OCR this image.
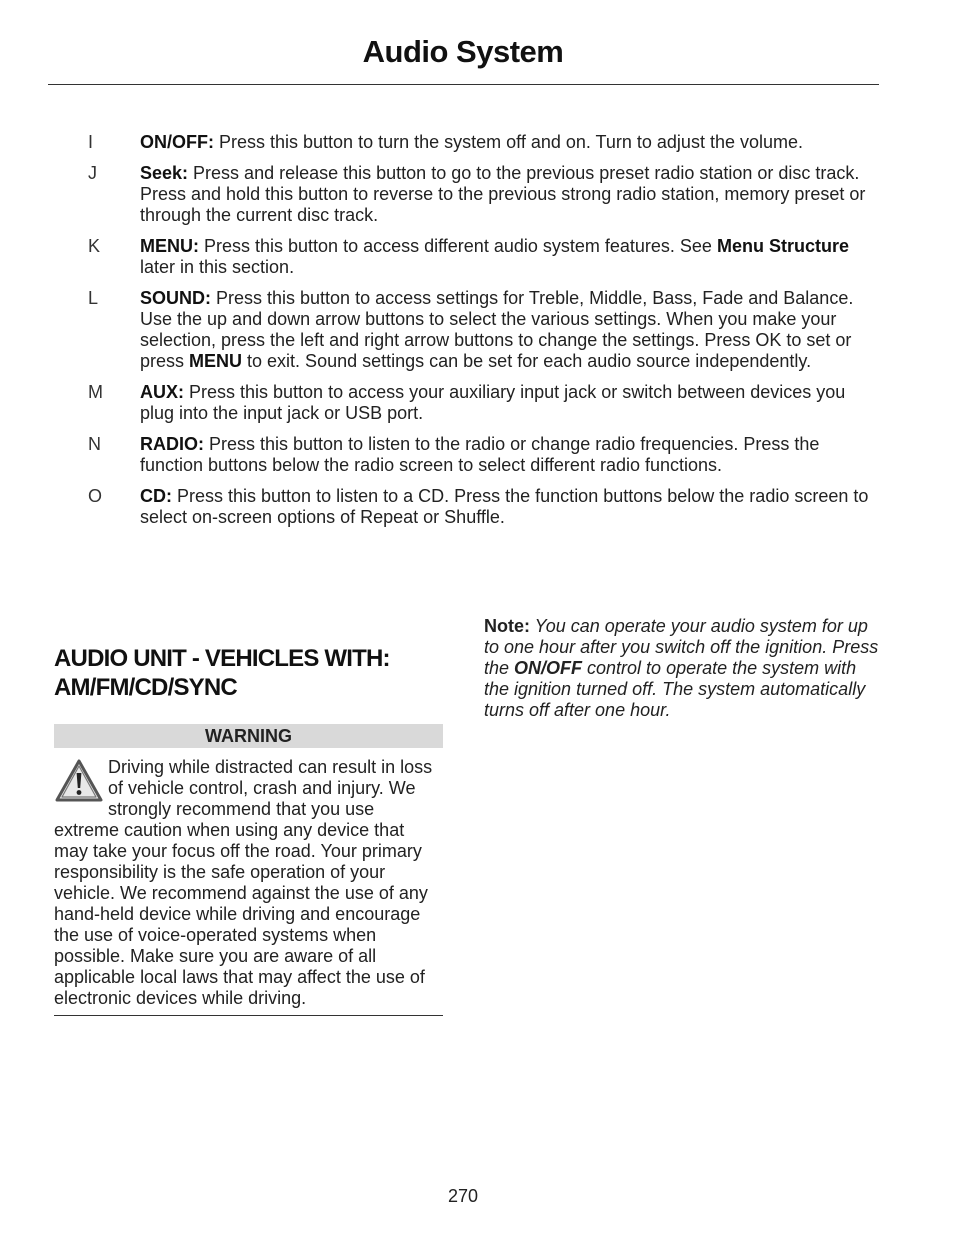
Audio System
I	ON/OFF: Press this button to turn the system off and on. Turn to adjust the volume.
J	Seek: Press and release this button to go to the previous preset radio station or disc track. Press and hold this button to reverse to the previous strong radio station, memory preset or through the current disc track.
K	MENU: Press this button to access different audio system features. See Menu Structure later in this section.
L	SOUND: Press this button to access settings for Treble, Middle, Bass, Fade and Balance. Use the up and down arrow buttons to select the various settings. When you make your selection, press the left and right arrow buttons to change the settings. Press OK to set or press MENU to exit. Sound settings can be set for each audio source independently.
M	AUX: Press this button to access your auxiliary input jack or switch between devices you plug into the input jack or USB port.
N	RADIO: Press this button to listen to the radio or change radio frequencies. Press the function buttons below the radio screen to select different radio functions.
O	CD: Press this button to listen to a CD. Press the function buttons below the radio screen to select on-screen options of Repeat or Shuffle.
AUDIO UNIT - VEHICLES WITH:
AM/FM/CD/SYNC
WARNING
Driving while distracted can result in loss of vehicle control, crash and injury. We strongly recommend that you use extreme caution when using any device that may take your focus off the road. Your primary responsibility is the safe operation of your vehicle. We recommend against the use of any hand-held device while driving and encourage the use of voice-operated systems when possible. Make sure you are aware of all applicable local laws that may affect the use of electronic devices while driving.

Note: You can operate your audio system for up to one hour after you switch off the ignition. Press the ON/OFF control to operate the system with the ignition turned off. The system automatically turns off after one hour.

270
